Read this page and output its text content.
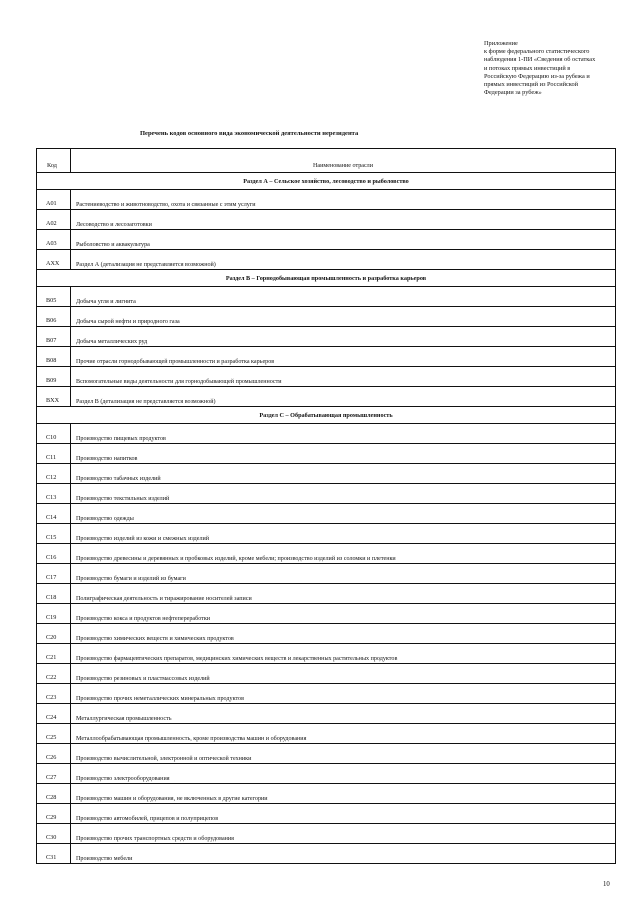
Приложение
к форме федерального статистического
наблюдения 1-ПИ «Сведения об остатках
и потоках прямых инвестиций в
Российскую Федерацию из-за рубежа и
прямых инвестиций из Российской
Федерации за рубеж»
Перечень кодов основного вида экономической деятельности нерезидента
Код	Наименование отрасли
Раздел А – Сельское хозяйство, лесоводство и рыболовство
A01	Растениеводство и животноводство, охота и связанные с этим услуги
A02	Лесоводство и лесозаготовки
A03	Рыболовство и аквакультура
AXX	Раздел А (детализация не представляется возможной)
Раздел В – Горнодобывающая промышленность и разработка карьеров
B05	Добыча угля и лигнита
B06	Добыча сырой нефти и природного газа
B07	Добыча металлических руд
B08	Прочие отрасли горнодобывающей промышленности и разработка карьеров
B09	Вспомогательные виды деятельности для горнодобывающей промышленности
BXX	Раздел В (детализация не представляется возможной)
Раздел С – Обрабатывающая промышленность
C10	Производство пищевых продуктов
C11	Производство напитков
C12	Производство табачных изделий
C13	Производство текстильных изделий
C14	Производство одежды
C15	Производство изделий из кожи и смежных изделий
C16	Производство древесины и деревянных и пробковых изделий, кроме мебели; производство изделий из соломки и плетенки
C17	Производство бумаги и изделий из бумаги
C18	Полиграфическая деятельность и тиражирование носителей записи
C19	Производство кокса и продуктов нефтепереработки
C20	Производство химических веществ и химических продуктов
C21	Производство фармацевтических препаратов, медицинских химических веществ и лекарственных растительных продуктов
C22	Производство резиновых и пластмассовых изделий
C23	Производство прочих неметаллических минеральных продуктов
C24	Металлургическая промышленность
C25	Металлообрабатывающая промышленность, кроме производства машин и оборудования
C26	Производство вычислительной, электронной и оптической техники
C27	Производство электрооборудования
C28	Производство машин и оборудования, не включенных в другие категории
C29	Производство автомобилей, прицепов и полуприцепов
C30	Производство прочих транспортных средств и оборудования
C31	Производство мебели
10
